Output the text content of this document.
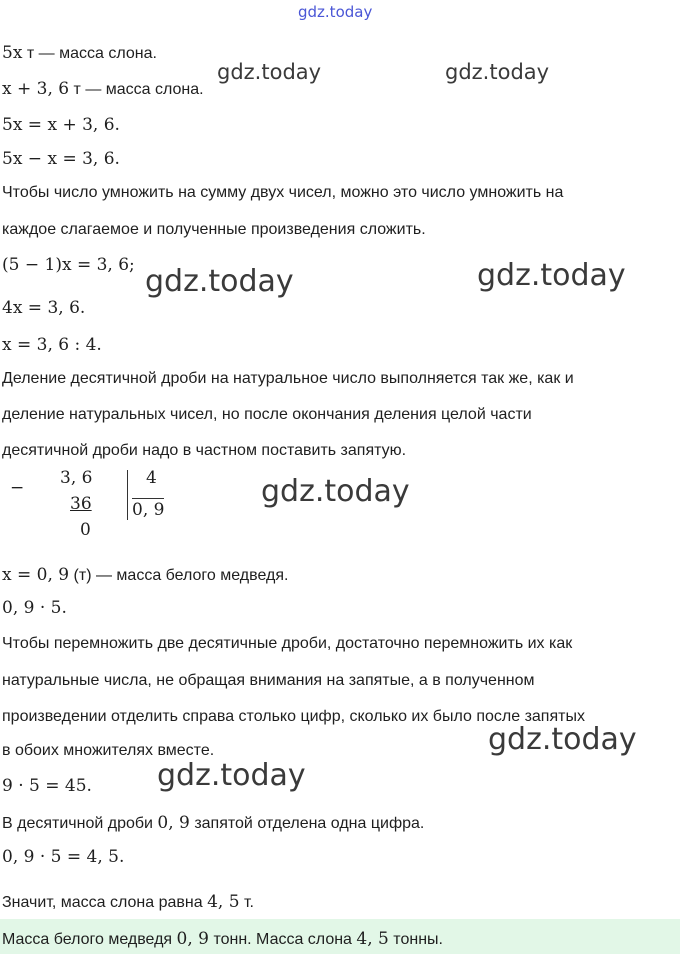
gdz.today
5x т — масса слона.
x + 3, 6 т — масса слона.
5x = x + 3, 6.
5x − x = 3, 6.
Чтобы число умножить на сумму двух чисел, можно это число умножить на
каждое слагаемое и полученные произведения сложить.
(5 − 1)x = 3, 6;
4x = 3, 6.
x = 3, 6 : 4.
Деление десятичной дроби на натуральное число выполняется так же, как и
деление натуральных чисел, но после окончания деления целой части
десятичной дроби надо в частном поставить запятую.
− 3, 6
36
0
4
0, 9
x = 0, 9 (т) — масса белого медведя.
0, 9 · 5.
Чтобы перемножить две десятичные дроби, достаточно перемножить их как
натуральные числа, не обращая внимания на запятые, а в полученном
произведении отделить справа столько цифр, сколько их было после запятых
в обоих множителях вместе.
9 · 5 = 45.
В десятичной дроби 0, 9 запятой отделена одна цифра.
0, 9 · 5 = 4, 5.
Значит, масса слона равна 4, 5 т.
Масса белого медведя 0, 9 тонн. Масса слона 4, 5 тонны.
gdz.today	gdz.today
gdz.today	gdz.today
gdz.today
gdz.today
gdz.today
